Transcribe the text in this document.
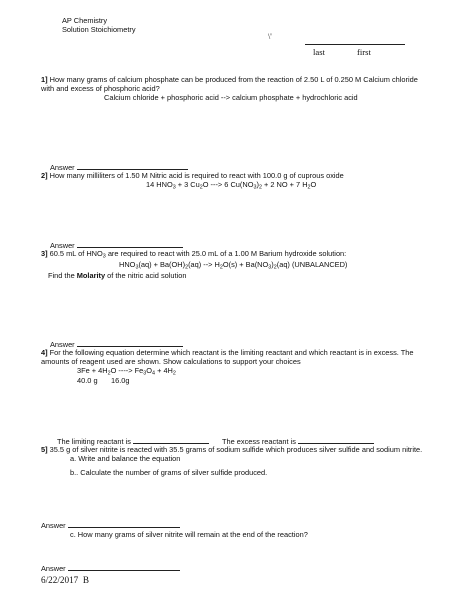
AP Chemistry
Solution Stoichiometry
\'
last	first
1] How many grams of calcium phosphate can be produced from the reaction of 2.50 L of 0.250 M Calcium chloride
with and excess of phosphoric acid?
Calcium chloride + phosphoric acid --> calcium phosphate + hydrochloric acid
Answer
2] How many milliliters of 1.50 M Nitric acid is required to react with 100.0 g of cuprous oxide
14 $HNO_3 + 3$ $Cu_2O$ ---> 6 $Cu(NO_3)_2 + 2$ NO + 7 $H_2O$
Answer
3] 60.5 mL of $HNO_3$ are required to react with 25.0 mL of a 1.00 M Barium hydroxide solution:
$HNO_3(aq) + Ba(OH)_2(aq)$ --> $H_2O(s) + Ba(NO_3)_2(aq)$ (UNBALANCED)
Find the Molarity of the nitric acid solution
Answer
4] For the following equation determine which reactant is the limiting reactant and which reactant is in excess. The
amounts of reagent used are shown. Show calculations to support your choices
$3Fe + 4H_2O$ ----> $Fe_3O_4 + 4H_2$
40.0 g 16.0g
The limiting reactant is	The excess reactant is
5] 35.5 g of silver nitrite is reacted with 35.5 grams of sodium sulfide which produces silver sulfide and sodium nitrite.
a. Write and balance the equation
b.. Calculate the number of grams of silver sulfide produced.
Answer
c. How many grams of silver nitrite will remain at the end of the reaction?
Answer
6/22/2017 B
